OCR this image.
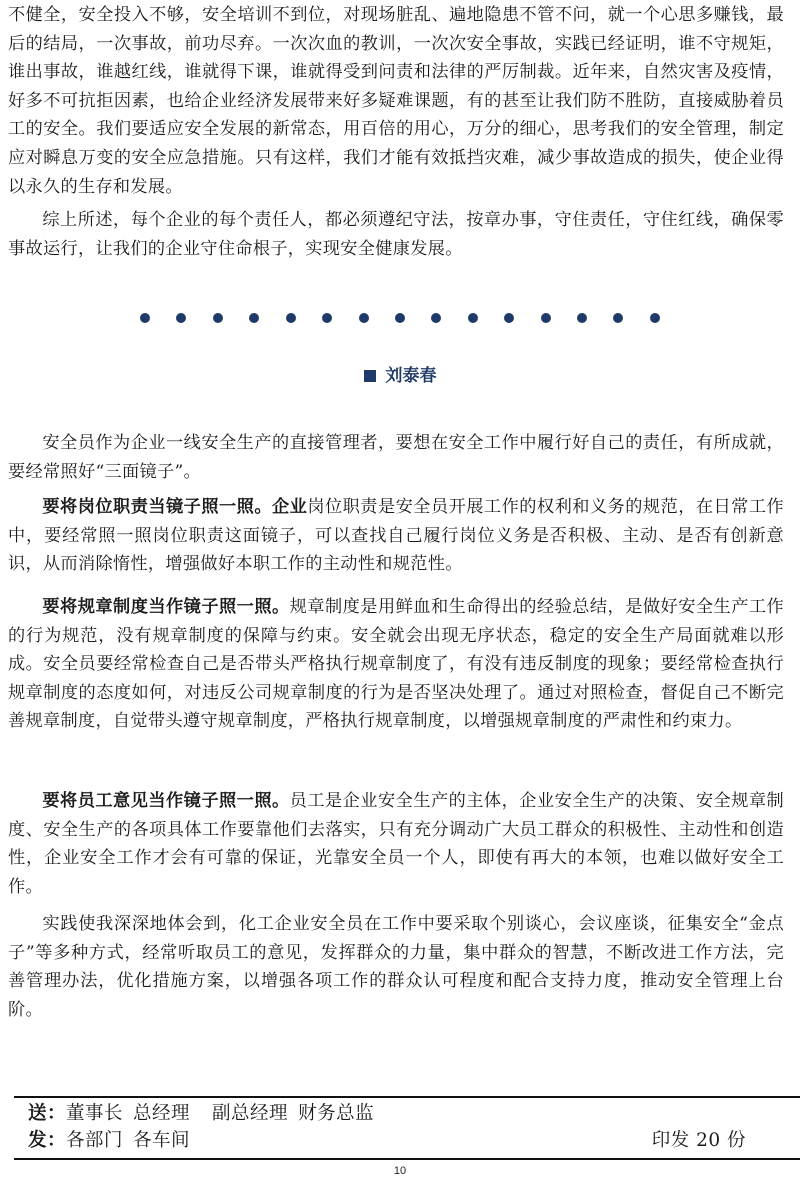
不健全，安全投入不够，安全培训不到位，对现场脏乱、遍地隐患不管不问，就一个心思多赚钱，最后的结局，一次事故，前功尽弃。一次次血的教训，一次次安全事故，实践已经证明，谁不守规矩，谁出事故，谁越红线，谁就得下课，谁就得受到问责和法律的严厉制裁。近年来，自然灾害及疫情，好多不可抗拒因素，也给企业经济发展带来好多疑难课题，有的甚至让我们防不胜防，直接威胁着员工的安全。我们要适应安全发展的新常态，用百倍的用心，万分的细心，思考我们的安全管理，制定应对瞬息万变的安全应急措施。只有这样，我们才能有效抵挡灾难，减少事故造成的损失，使企业得以永久的生存和发展。

综上所述，每个企业的每个责任人，都必须遵纪守法，按章办事，守住责任，守住红线，确保零事故运行，让我们的企业守住命根子，实现安全健康发展。

刘泰春

安全员作为企业一线安全生产的直接管理者，要想在安全工作中履行好自己的责任，有所成就，要经常照好“三面镜子”。

要将岗位职责当镜子照一照。企业岗位职责是安全员开展工作的权利和义务的规范，在日常工作中，要经常照一照岗位职责这面镜子，可以查找自己履行岗位义务是否积极、主动、是否有创新意识，从而消除惰性，增强做好本职工作的主动性和规范性。

要将规章制度当作镜子照一照。规章制度是用鲜血和生命得出的经验总结，是做好安全生产工作的行为规范，没有规章制度的保障与约束。安全就会出现无序状态，稳定的安全生产局面就难以形成。安全员要经常检查自己是否带头严格执行规章制度了，有没有违反制度的现象；要经常检查执行规章制度的态度如何，对违反公司规章制度的行为是否坚决处理了。通过对照检查，督促自己不断完善规章制度，自觉带头遵守规章制度，严格执行规章制度，以增强规章制度的严肃性和约束力。

要将员工意见当作镜子照一照。员工是企业安全生产的主体，企业安全生产的决策、安全规章制度、安全生产的各项具体工作要靠他们去落实，只有充分调动广大员工群众的积极性、主动性和创造性，企业安全工作才会有可靠的保证，光靠安全员一个人，即使有再大的本领，也难以做好安全工作。

实践使我深深地体会到，化工企业安全员在工作中要采取个别谈心，会议座谈，征集安全“金点子”等多种方式，经常听取员工的意见，发挥群众的力量，集中群众的智慧，不断改进工作方法，完善管理办法，优化措施方案，以增强各项工作的群众认可程度和配合支持力度，推动安全管理上台阶。

送：董事长 总经理 副总经理 财务总监
发：各部门 各车间	印发 20 份
10
